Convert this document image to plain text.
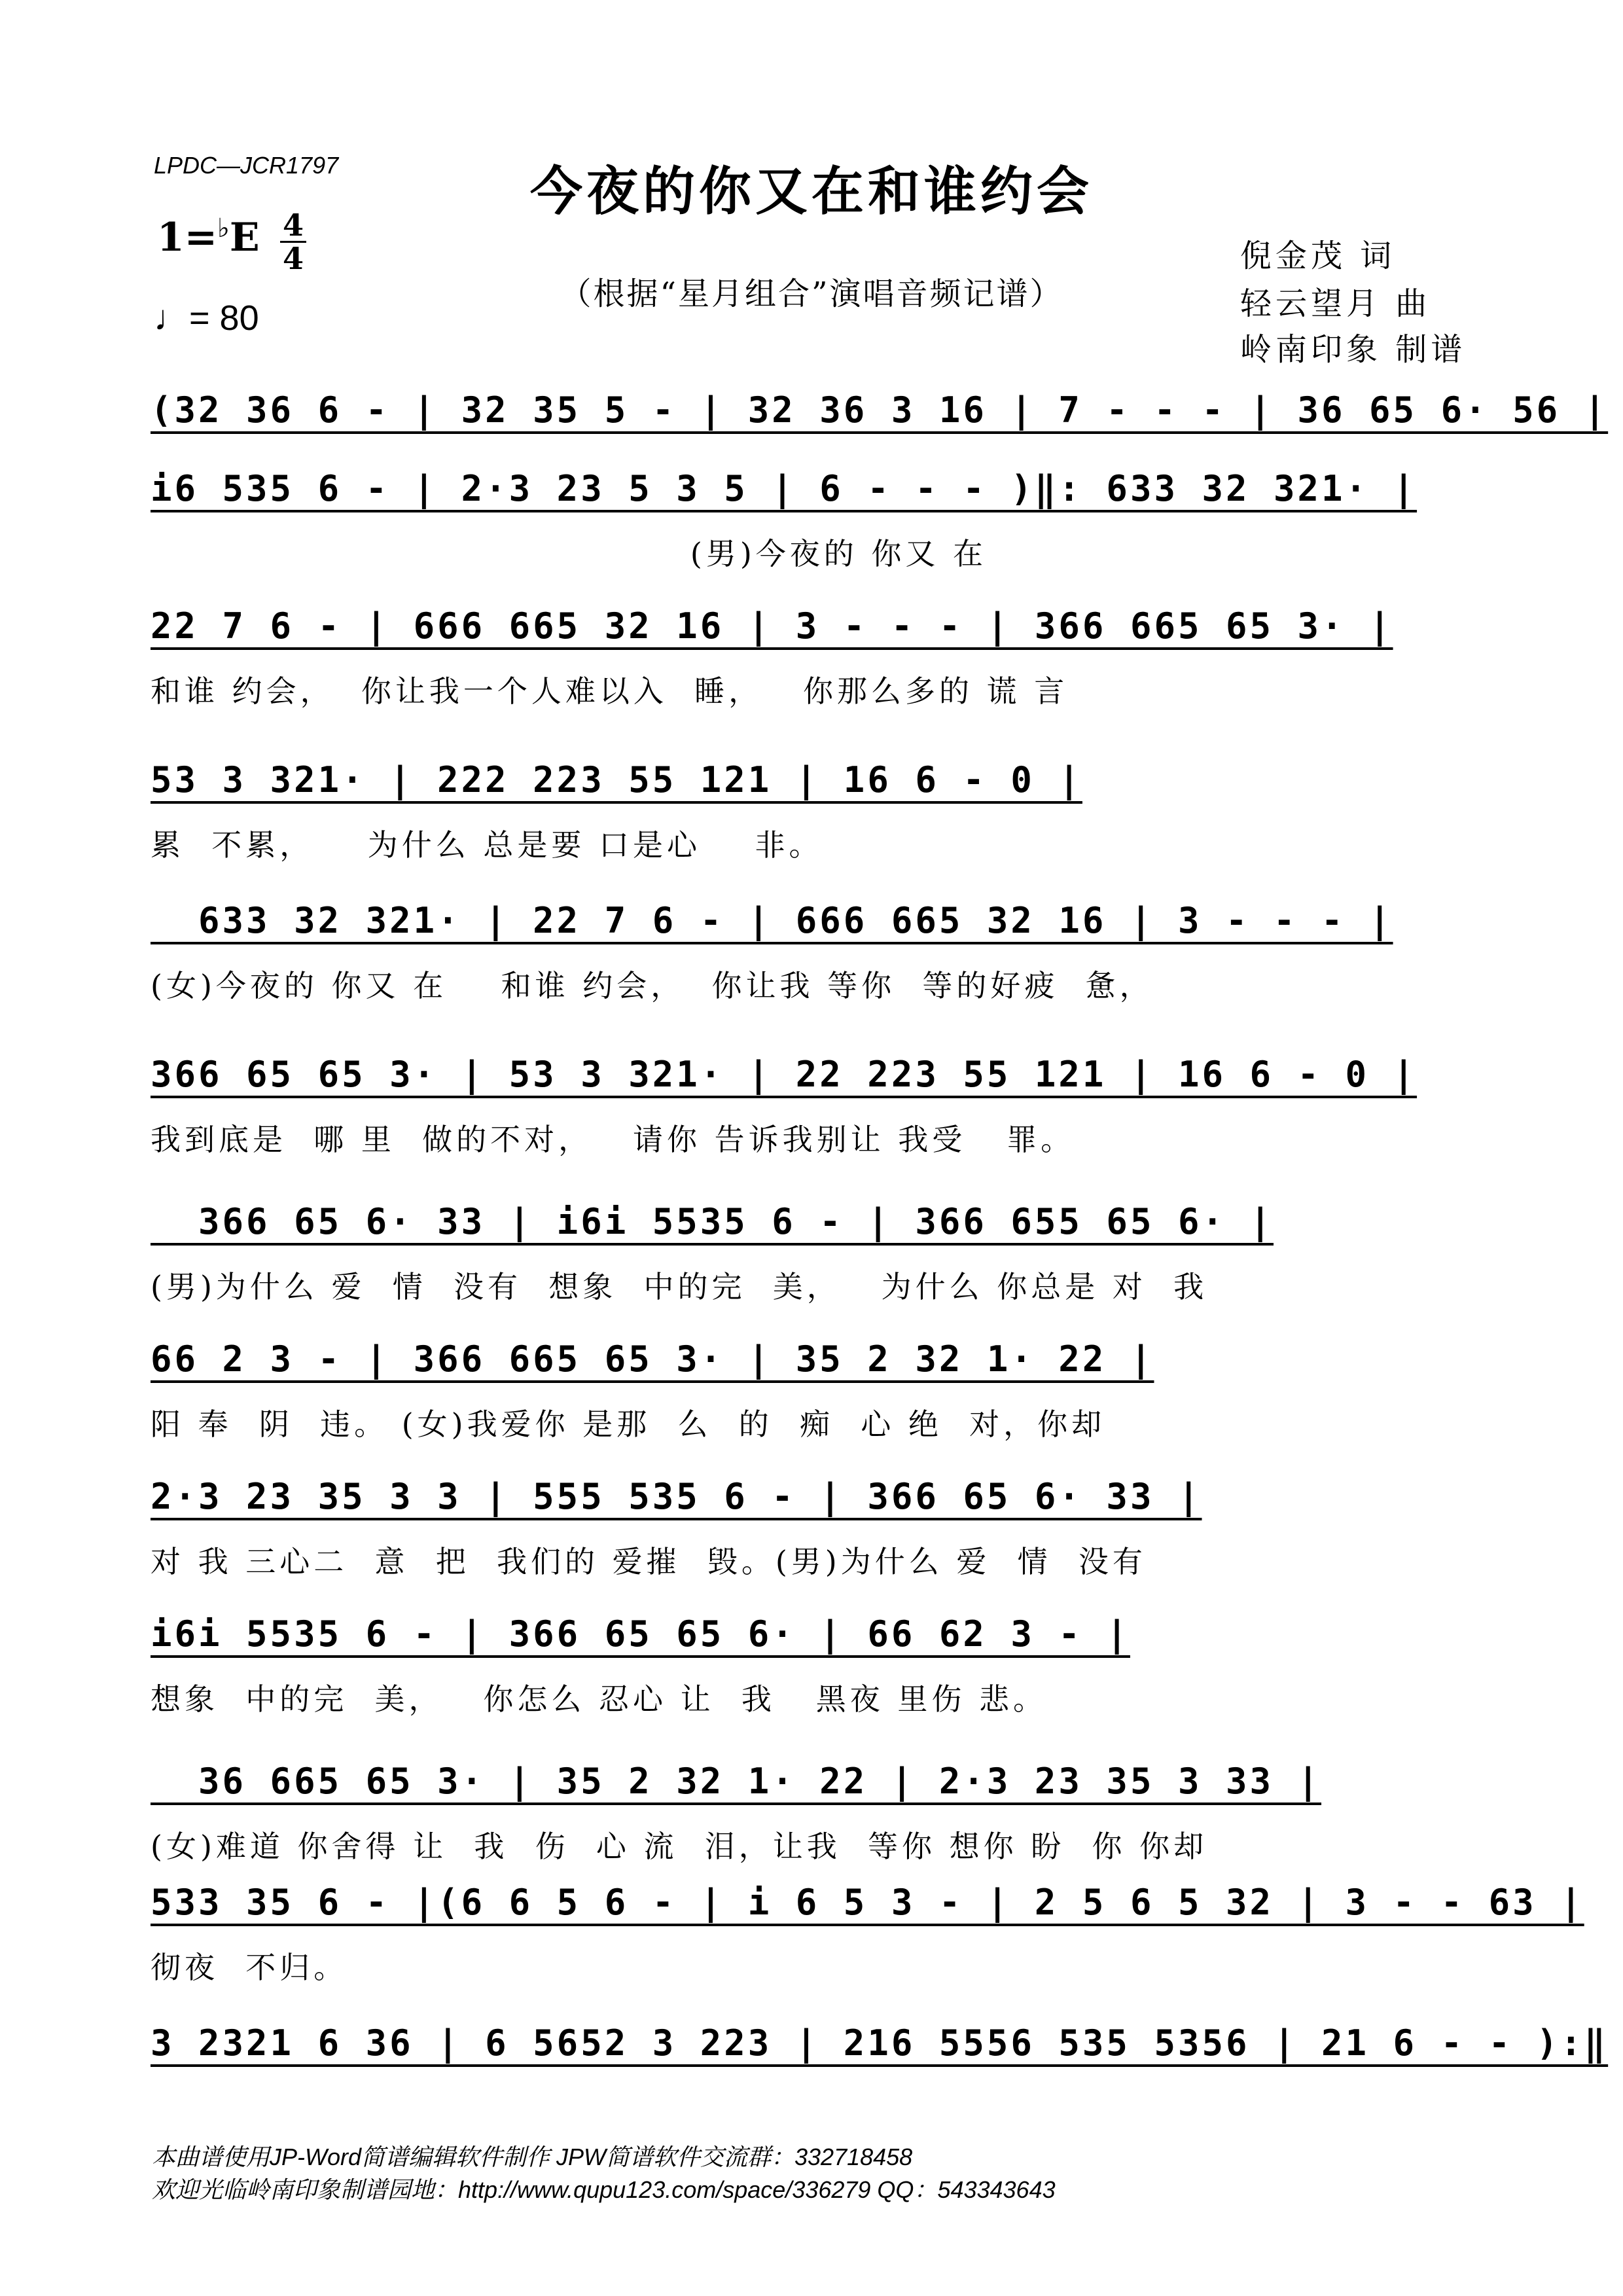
LPDC—JCR1797	今夜的你又在和谁约会
（根据“星月组合”演唱音频记谱）
1=♭E 4
4
♩= 80
倪金茂 词
轻云望月 曲
岭南印象 制谱
(32 36 6 - | 32 35 5 - | 32 36 3 16 | 7 - - - | 36 65 6· 56 |
i6 535 6 - | 2·3 23 5 3 5 | 6 - - - )‖: 633 32 321· |
(男)今夜的 你又 在
22 7 6 - | 666 665 32 16 | 3 - - - | 366 665 65 3· |
和谁 约会，  你让我一个人难以入  睡，   你那么多的 谎 言
53 3 321· | 222 223 55 121 | 16 6 - 0 |
累  不累，    为什么 总是要 口是心    非。
633 32 321· | 22 7 6 - | 666 665 32 16 | 3 - - - |
(女)今夜的 你又 在    和谁 约会，  你让我 等你  等的好疲  惫，
366 65 65 3· | 53 3 321· | 22 223 55 121 | 16 6 - 0 |
我到底是  哪 里  做的不对，   请你 告诉我别让 我受   罪。
366 65 6· 33 | i6i 5535 6 - | 366 655 65 6· |
(男)为什么 爱  情  没有  想象  中的完  美，   为什么 你总是 对  我
66 2 3 - | 366 665 65 3· | 35 2 32 1· 22 |
阳 奉  阴  违。 (女)我爱你 是那  么  的  痴  心 绝  对，你却
2·3 23 35 3 3 | 555 535 6 - | 366 65 6· 33 |
对 我 三心二  意  把  我们的 爱摧  毁。(男)为什么 爱  情  没有
i6i 5535 6 - | 366 65 65 6· | 66 62 3 - |
想象  中的完  美，   你怎么 忍心 让  我   黑夜 里伤 悲。
36 665 65 3· | 35 2 32 1· 22 | 2·3 23 35 3 33 |
(女)难道 你舍得 让  我  伤  心 流  泪，让我  等你 想你 盼  你 你却
533 35 6 - |(6 6 5 6 - | i 6 5 3 - | 2 5 6 5 32 | 3 - - 63 |
彻夜  不归。
3 2321 6 36 | 6 5652 3 223 | 216 5556 535 5356 | 21 6 - - ):‖
本曲谱使用JP-Word简谱编辑软件制作 JPW简谱软件交流群：332718458
欢迎光临岭南印象制谱园地：http://www.qupu123.com/space/336279 QQ：543343643
